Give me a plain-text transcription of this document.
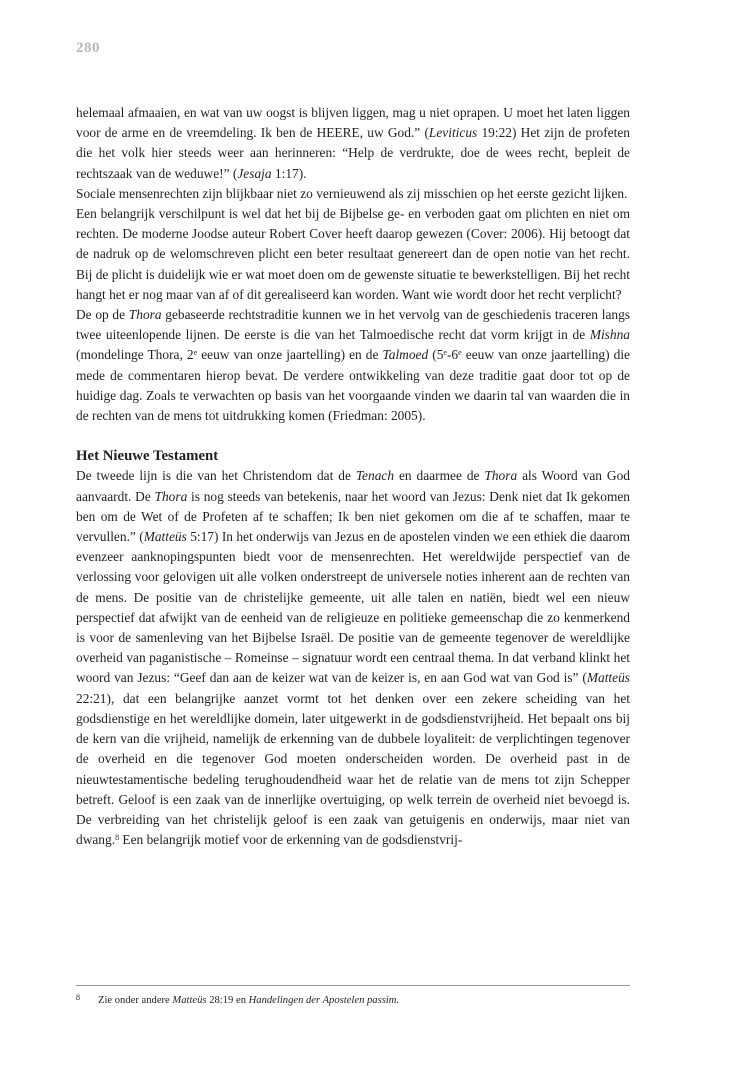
280

helemaal afmaaien, en wat van uw oogst is blijven liggen, mag u niet oprapen. U moet het laten liggen voor de arme en de vreemdeling. Ik ben de HEERE, uw God.” (Leviticus 19:22) Het zijn de profeten die het volk hier steeds weer aan herinneren: “Help de verdrukte, doe de wees recht, bepleit de rechtszaak van de weduwe!” (Jesaja 1:17).

Sociale mensenrechten zijn blijkbaar niet zo vernieuwend als zij misschien op het eerste gezicht lijken.

Een belangrijk verschilpunt is wel dat het bij de Bijbelse ge- en verboden gaat om plichten en niet om rechten. De moderne Joodse auteur Robert Cover heeft daarop gewezen (Cover: 2006). Hij betoogt dat de nadruk op de welomschreven plicht een beter resultaat genereert dan de open notie van het recht. Bij de plicht is duidelijk wie er wat moet doen om de gewenste situatie te bewerkstelligen. Bij het recht hangt het er nog maar van af of dit gerealiseerd kan worden. Want wie wordt door het recht verplicht?

De op de Thora gebaseerde rechtstraditie kunnen we in het vervolg van de geschiedenis traceren langs twee uiteenlopende lijnen. De eerste is die van het Talmoedische recht dat vorm krijgt in de Mishna (mondelinge Thora, 2e eeuw van onze jaartelling) en de Talmoed (5e-6e eeuw van onze jaartelling) die mede de commentaren hierop bevat. De verdere ontwikkeling van deze traditie gaat door tot op de huidige dag. Zoals te verwachten op basis van het voorgaande vinden we daarin tal van waarden die in de rechten van de mens tot uitdrukking komen (Friedman: 2005).

Het Nieuwe Testament

De tweede lijn is die van het Christendom dat de Tenach en daarmee de Thora als Woord van God aanvaardt. De Thora is nog steeds van betekenis, naar het woord van Jezus: Denk niet dat Ik gekomen ben om de Wet of de Profeten af te schaffen; Ik ben niet gekomen om die af te schaffen, maar te vervullen.” (Matteüs 5:17) In het onderwijs van Jezus en de apostelen vinden we een ethiek die daarom evenzeer aanknopingspunten biedt voor de mensenrechten. Het wereldwijde perspectief van de verlossing voor gelovigen uit alle volken onderstreept de universele noties inherent aan de rechten van de mens. De positie van de christelijke gemeente, uit alle talen en natiën, biedt wel een nieuw perspectief dat afwijkt van de eenheid van de religieuze en politieke gemeenschap die zo kenmerkend is voor de samenleving van het Bijbelse Israël. De positie van de gemeente tegenover de wereldlijke overheid van paganistische – Romeinse – signatuur wordt een centraal thema. In dat verband klinkt het woord van Jezus: “Geef dan aan de keizer wat van de keizer is, en aan God wat van God is” (Matteüs 22:21), dat een belangrijke aanzet vormt tot het denken over een zekere scheiding van het godsdienstige en het wereldlijke domein, later uitgewerkt in de godsdienstvrijheid. Het bepaalt ons bij de kern van die vrijheid, namelijk de erkenning van de dubbele loyaliteit: de verplichtingen tegenover de overheid en die tegenover God moeten onderscheiden worden. De overheid past in de nieuwtestamentische bedeling terughoudendheid waar het de relatie van de mens tot zijn Schepper betreft. Geloof is een zaak van de innerlijke overtuiging, op welk terrein de overheid niet bevoegd is. De verbreiding van het christelijk geloof is een zaak van getuigenis en onderwijs, maar niet van dwang.$^8$ Een belangrijk motief voor de erkenning van de godsdienstvrij-

8 Zie onder andere Matteüs 28:19 en Handelingen der Apostelen passim.
